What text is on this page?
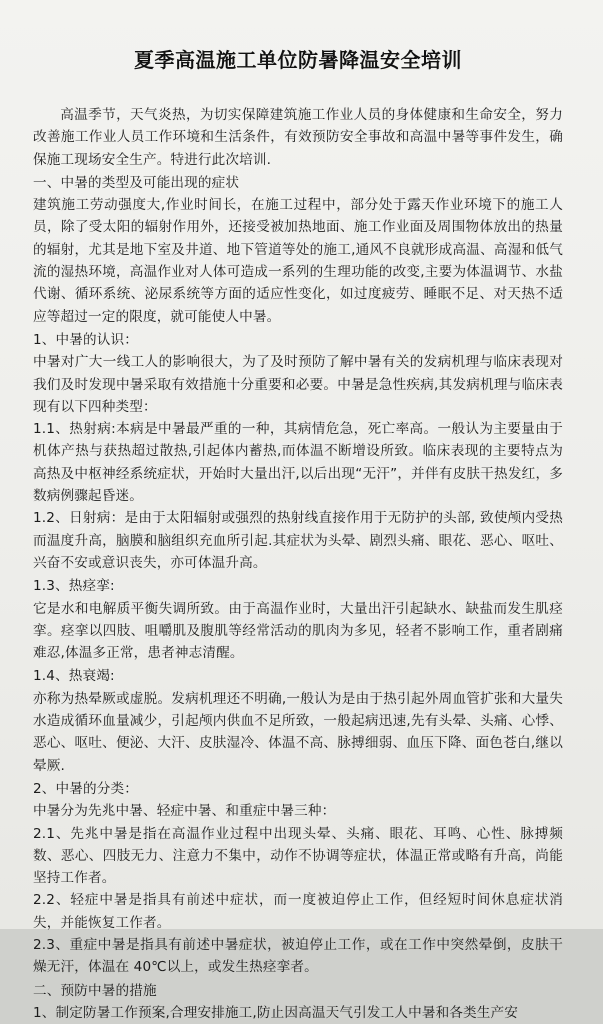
夏季高温施工单位防暑降温安全培训

高温季节，天气炎热，为切实保障建筑施工作业人员的身体健康和生命安全，努力改善施工作业人员工作环境和生活条件，有效预防安全事故和高温中暑等事件发生，确保施工现场安全生产。特进行此次培训.

一、中暑的类型及可能出现的症状

建筑施工劳动强度大,作业时间长，在施工过程中，部分处于露天作业环境下的施工人员，除了受太阳的辐射作用外，还接受被加热地面、施工作业面及周围物体放出的热量的辐射，尤其是地下室及井道、地下管道等处的施工,通风不良就形成高温、高湿和低气流的湿热环境，高温作业对人体可造成一系列的生理功能的改变,主要为体温调节、水盐代谢、循环系统、泌尿系统等方面的适应性变化，如过度疲劳、睡眠不足、对天热不适应等超过一定的限度，就可能使人中暑。

1、中暑的认识：

中暑对广大一线工人的影响很大，为了及时预防了解中暑有关的发病机理与临床表现对我们及时发现中暑采取有效措施十分重要和必要。中暑是急性疾病,其发病机理与临床表现有以下四种类型：

1.1、热射病:本病是中暑最严重的一种，其病情危急，死亡率高。一般认为主要量由于机体产热与获热超过散热,引起体内蓄热,而体温不断增设所致。临床表现的主要特点为高热及中枢神经系统症状，开始时大量出汗,以后出现“无汗”，并伴有皮肤干热发红，多数病例骤起昏迷。

1.2、日射病：是由于太阳辐射或强烈的热射线直接作用于无防护的头部, 致使颅内受热而温度升高，脑膜和脑组织充血所引起.其症状为头晕、剧烈头痛、眼花、恶心、呕吐、兴奋不安或意识丧失，亦可体温升高。

1.3、热痉挛:

它是水和电解质平衡失调所致。由于高温作业时，大量出汗引起缺水、缺盐而发生肌痉挛。痉挛以四肢、咀嚼肌及腹肌等经常活动的肌肉为多见，轻者不影响工作，重者剧痛难忍,体温多正常，患者神志清醒。

1.4、热衰竭:

亦称为热晕厥或虚脱。发病机理还不明确,一般认为是由于热引起外周血管扩张和大量失水造成循环血量减少，引起颅内供血不足所致，一般起病迅速,先有头晕、头痛、心悸、恶心、呕吐、便泌、大汗、皮肤湿冷、体温不高、脉搏细弱、血压下降、面色苍白,继以晕厥.

2、中暑的分类：

中暑分为先兆中暑、轻症中暑、和重症中暑三种：

2.1、先兆中暑是指在高温作业过程中出现头晕、头痛、眼花、耳鸣、心性、脉搏频数、恶心、四肢无力、注意力不集中，动作不协调等症状，体温正常或略有升高，尚能坚持工作者。

2.2、轻症中暑是指具有前述中症状，而一度被迫停止工作，但经短时间休息症状消失，并能恢复工作者。

2.3、重症中暑是指具有前述中暑症状，被迫停止工作，或在工作中突然晕倒，皮肤干燥无汗，体温在 40℃以上，或发生热痉挛者。

二、预防中暑的措施

1、制定防暑工作预案,合理安排施工,防止因高温天气引发工人中暑和各类生产安
